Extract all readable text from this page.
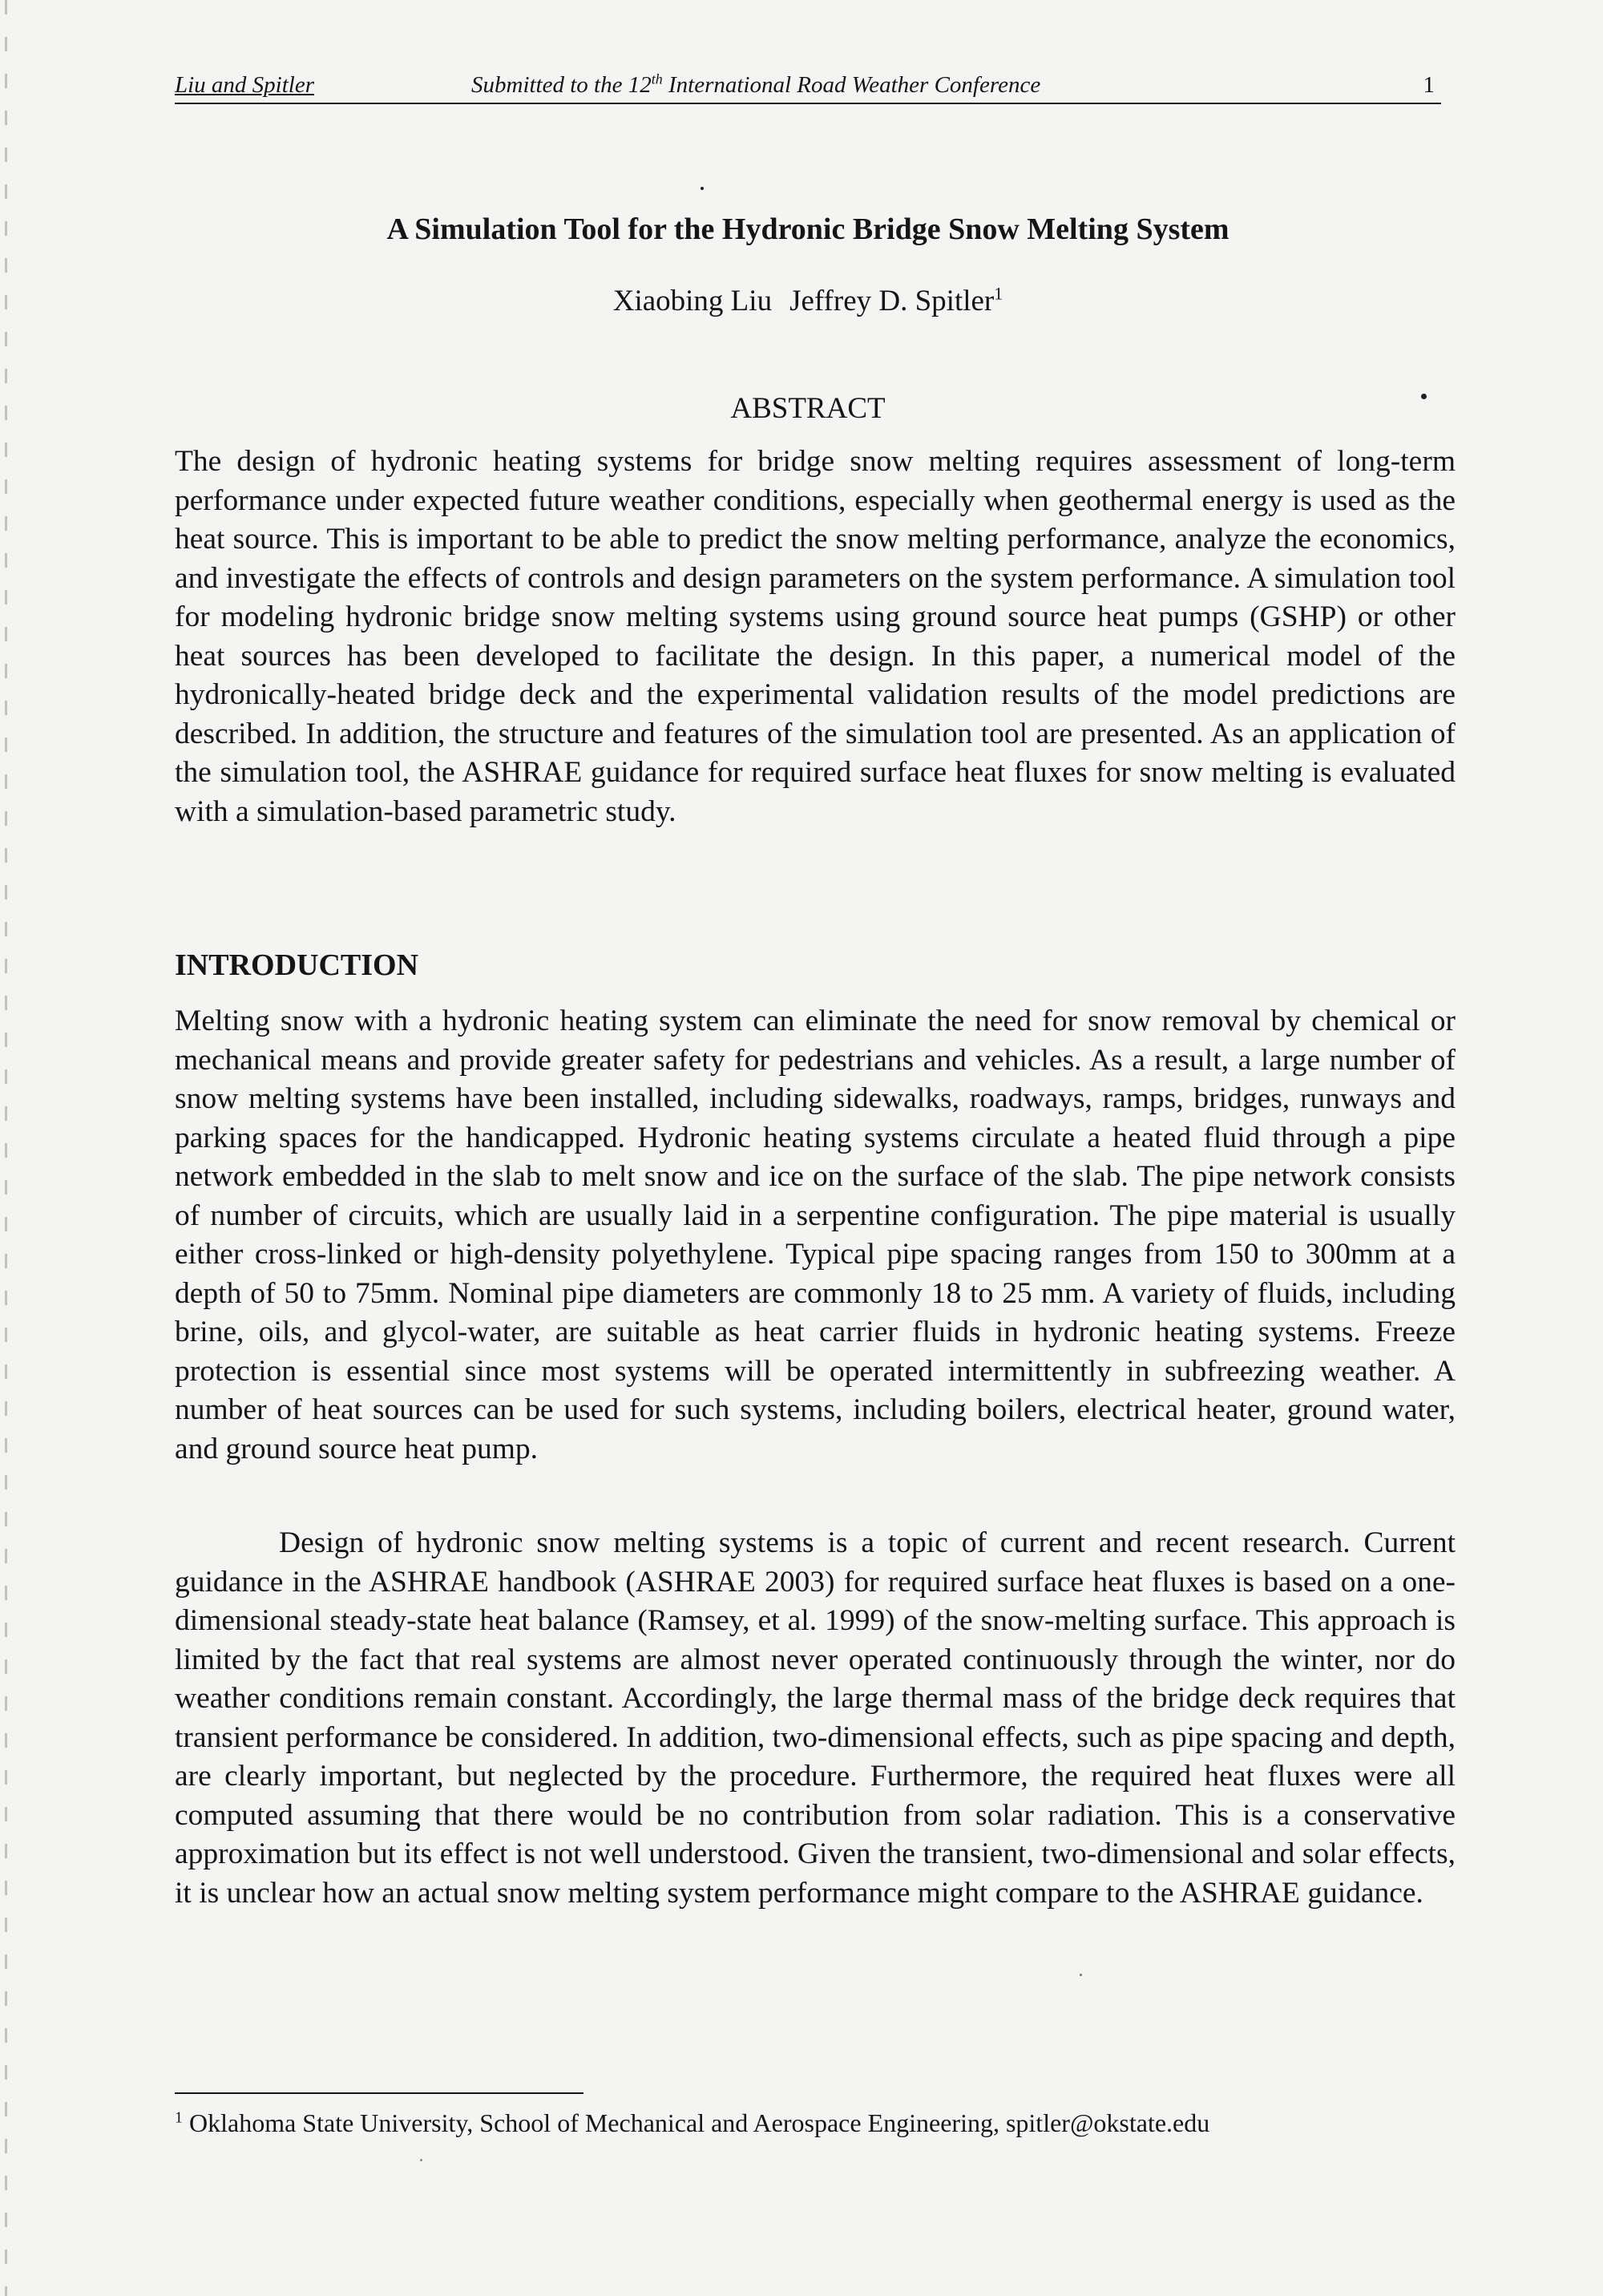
Liu and Spitler	Submitted to the 12th International Road Weather Conference	1
A Simulation Tool for the Hydronic Bridge Snow Melting System
Xiaobing Liu Jeffrey D. Spitler$^1$
ABSTRACT

The design of hydronic heating systems for bridge snow melting requires assessment of long-term performance under expected future weather conditions, especially when geothermal energy is used as the heat source. This is important to be able to predict the snow melting performance, analyze the economics, and investigate the effects of controls and design parameters on the system performance. A simulation tool for modeling hydronic bridge snow melting systems using ground source heat pumps (GSHP) or other heat sources has been developed to facilitate the design. In this paper, a numerical model of the hydronically-heated bridge deck and the experimental validation results of the model predictions are described. In addition, the structure and features of the simulation tool are presented. As an application of the simulation tool, the ASHRAE guidance for required surface heat fluxes for snow melting is evaluated with a simulation-based parametric study.

INTRODUCTION

Melting snow with a hydronic heating system can eliminate the need for snow removal by chemical or mechanical means and provide greater safety for pedestrians and vehicles. As a result, a large number of snow melting systems have been installed, including sidewalks, roadways, ramps, bridges, runways and parking spaces for the handicapped. Hydronic heating systems circulate a heated fluid through a pipe network embedded in the slab to melt snow and ice on the surface of the slab. The pipe network consists of number of circuits, which are usually laid in a serpentine configuration. The pipe material is usually either cross-linked or high-density polyethylene. Typical pipe spacing ranges from 150 to 300mm at a depth of 50 to 75mm. Nominal pipe diameters are commonly 18 to 25 mm. A variety of fluids, including brine, oils, and glycol-water, are suitable as heat carrier fluids in hydronic heating systems. Freeze protection is essential since most systems will be operated intermittently in subfreezing weather. A number of heat sources can be used for such systems, including boilers, electrical heater, ground water, and ground source heat pump.

Design of hydronic snow melting systems is a topic of current and recent research. Current guidance in the ASHRAE handbook (ASHRAE 2003) for required surface heat fluxes is based on a one-dimensional steady-state heat balance (Ramsey, et al. 1999) of the snow-melting surface. This approach is limited by the fact that real systems are almost never operated continuously through the winter, nor do weather conditions remain constant. Accordingly, the large thermal mass of the bridge deck requires that transient performance be considered. In addition, two-dimensional effects, such as pipe spacing and depth, are clearly important, but neglected by the procedure. Furthermore, the required heat fluxes were all computed assuming that there would be no contribution from solar radiation. This is a conservative approximation but its effect is not well understood. Given the transient, two-dimensional and solar effects, it is unclear how an actual snow melting system performance might compare to the ASHRAE guidance.

$^1$ Oklahoma State University, School of Mechanical and Aerospace Engineering, spitler@okstate.edu
